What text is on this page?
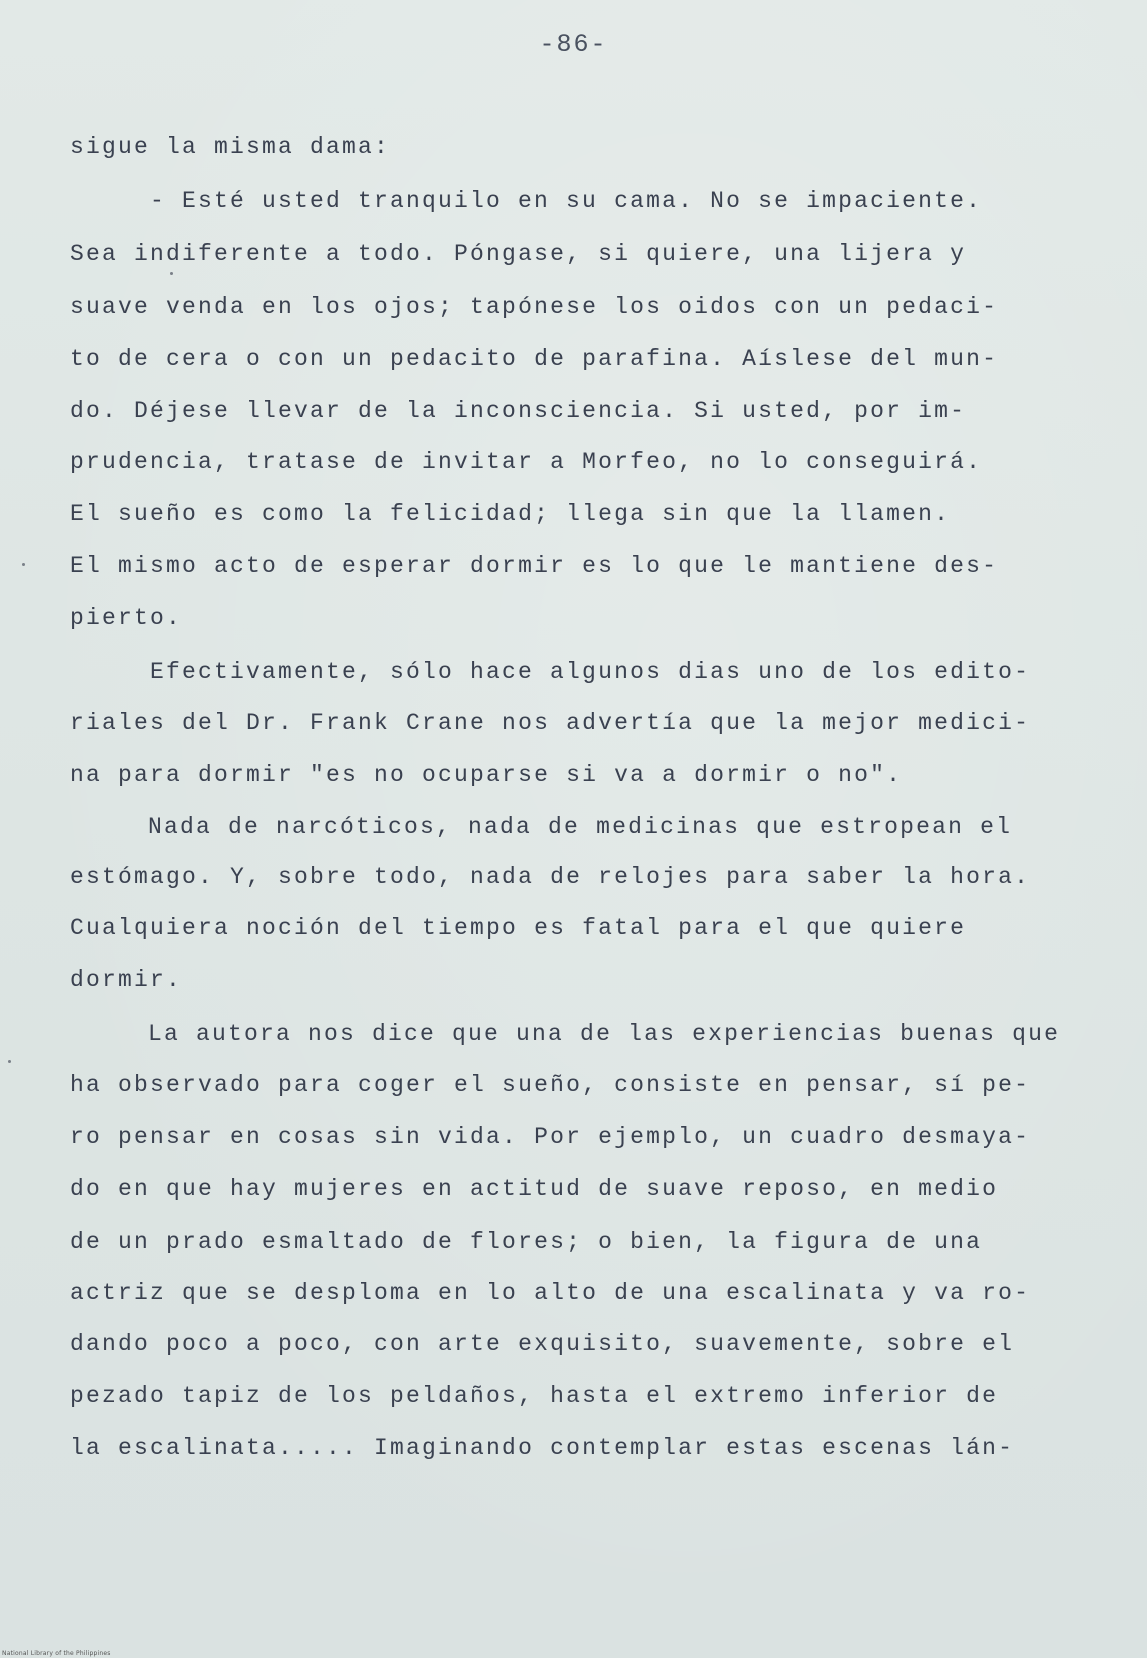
-86-
sigue la misma dama:
- Esté usted tranquilo en su cama. No se impaciente.
Sea indiferente a todo. Póngase, si quiere, una lijera y
suave venda en los ojos; tapónese los oidos con un pedaci-
to de cera o con un pedacito de parafina. Aíslese del mun-
do. Déjese llevar de la inconsciencia. Si usted, por im-
prudencia, tratase de invitar a Morfeo, no lo conseguirá.
El sueño es como la felicidad; llega sin que la llamen.
El mismo acto de esperar dormir es lo que le mantiene des-
pierto.
Efectivamente, sólo hace algunos dias uno de los edito-
riales del Dr. Frank Crane nos advertía que la mejor medici-
na para dormir "es no ocuparse si va a dormir o no".
Nada de narcóticos, nada de medicinas que estropean el
estómago. Y, sobre todo, nada de relojes para saber la hora.
Cualquiera noción del tiempo es fatal para el que quiere
dormir.
La autora nos dice que una de las experiencias buenas que
ha observado para coger el sueño, consiste en pensar, sí pe-
ro pensar en cosas sin vida. Por ejemplo, un cuadro desmaya-
do en que hay mujeres en actitud de suave reposo, en medio
de un prado esmaltado de flores; o bien, la figura de una
actriz que se desploma en lo alto de una escalinata y va ro-
dando poco a poco, con arte exquisito, suavemente, sobre el
pezado tapiz de los peldaños, hasta el extremo inferior de
la escalinata..... Imaginando contemplar estas escenas lán-
National Library of the Philippines
